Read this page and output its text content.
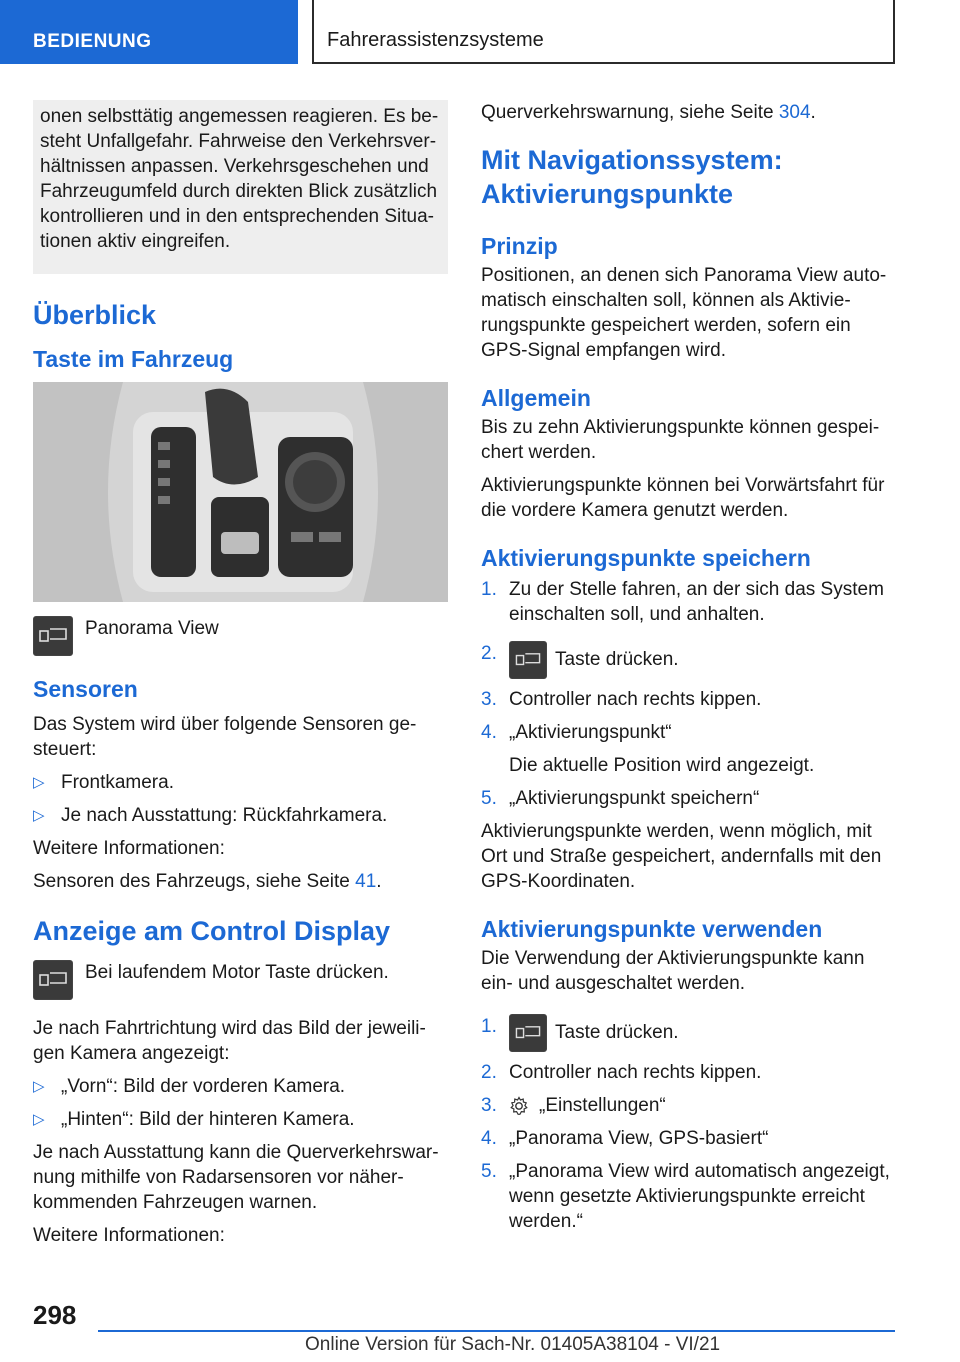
BEDIENUNG	Fahrerassistenzsysteme
onen selbsttätig angemessen reagieren. Es besteht Unfallgefahr. Fahrweise den Verkehrsverhältnissen anpassen. Verkehrsgeschehen und Fahrzeugumfeld durch direkten Blick zusätzlich kontrollieren und in den entsprechenden Situationen aktiv eingreifen.
Überblick
Taste im Fahrzeug
Panorama View
Sensoren

Das System wird über folgende Sensoren gesteuert:

▷ Frontkamera.
▷ Je nach Ausstattung: Rückfahrkamera.

Weitere Informationen:

Sensoren des Fahrzeugs, siehe Seite 41.

Anzeige am Control Display
Bei laufendem Motor Taste drücken.

Je nach Fahrtrichtung wird das Bild der jeweiligen Kamera angezeigt:

▷ „Vorn“: Bild der vorderen Kamera.
▷ „Hinten“: Bild der hinteren Kamera.

Je nach Ausstattung kann die Querverkehrswarnung mithilfe von Radarsensoren vor näherkommenden Fahrzeugen warnen.

Weitere Informationen:

Querverkehrswarnung, siehe Seite 304.

Mit Navigationssystem: Aktivierungspunkte
Prinzip

Positionen, an denen sich Panorama View automatisch einschalten soll, können als Aktivierungspunkte gespeichert werden, sofern ein GPS-Signal empfangen wird.

Allgemein

Bis zu zehn Aktivierungspunkte können gespeichert werden.

Aktivierungspunkte können bei Vorwärtsfahrt für die vordere Kamera genutzt werden.

Aktivierungspunkte speichern
1. Zu der Stelle fahren, an der sich das System einschalten soll, und anhalten.
2.	Taste drücken.
3. Controller nach rechts kippen.
4. „Aktivierungspunkt“
Die aktuelle Position wird angezeigt.
5. „Aktivierungspunkt speichern“

Aktivierungspunkte werden, wenn möglich, mit Ort und Straße gespeichert, andernfalls mit den GPS-Koordinaten.

Aktivierungspunkte verwenden

Die Verwendung der Aktivierungspunkte kann ein- und ausgeschaltet werden.

1.	Taste drücken.
2. Controller nach rechts kippen.
3. „Einstellungen“
4. „Panorama View, GPS-basiert“
5. „Panorama View wird automatisch angezeigt, wenn gesetzte Aktivierungspunkte erreicht werden.“
298
Online Version für Sach-Nr. 01405A38104 - VI/21
